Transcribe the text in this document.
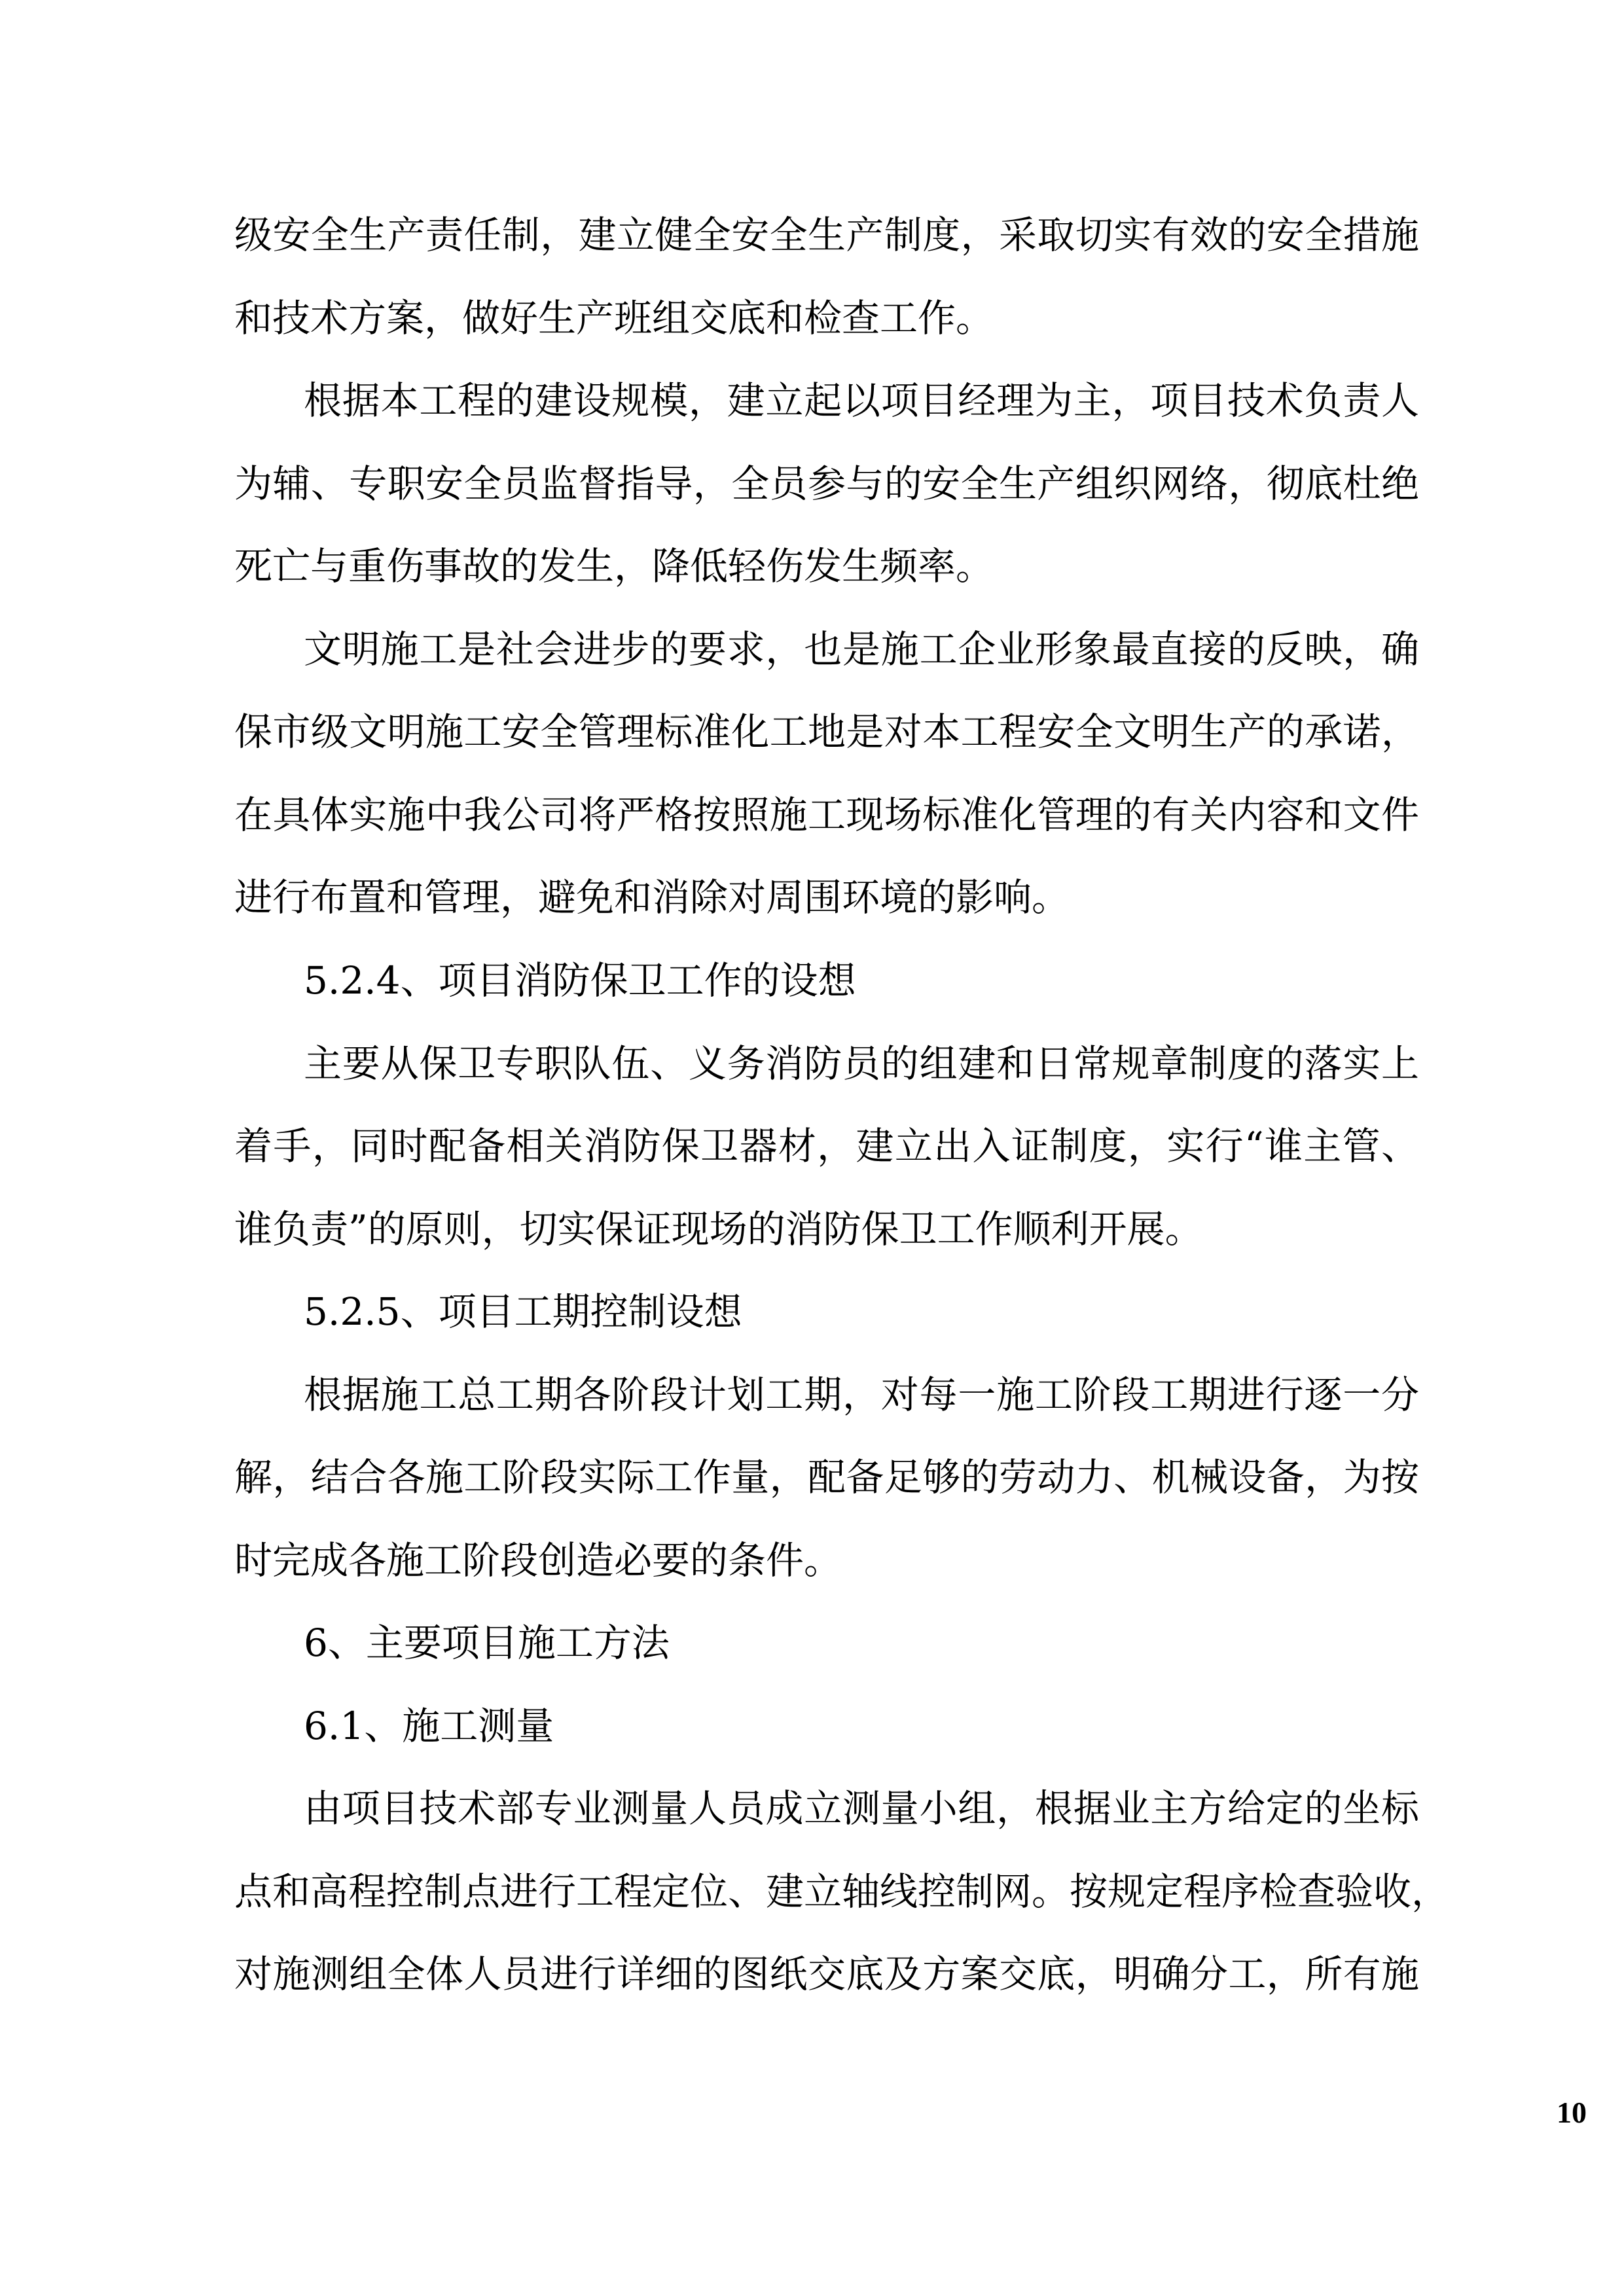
级安全生产责任制，建立健全安全生产制度，采取切实有效的安全措施
和技术方案，做好生产班组交底和检查工作。
根据本工程的建设规模，建立起以项目经理为主，项目技术负责人
为辅、专职安全员监督指导，全员参与的安全生产组织网络，彻底杜绝
死亡与重伤事故的发生，降低轻伤发生频率。
文明施工是社会进步的要求，也是施工企业形象最直接的反映，确
保市级文明施工安全管理标准化工地是对本工程安全文明生产的承诺，
在具体实施中我公司将严格按照施工现场标准化管理的有关内容和文件
进行布置和管理，避免和消除对周围环境的影响。
5.2.4、项目消防保卫工作的设想
主要从保卫专职队伍、义务消防员的组建和日常规章制度的落实上
着手，同时配备相关消防保卫器材，建立出入证制度，实行“谁主管、
谁负责”的原则，切实保证现场的消防保卫工作顺利开展。
5.2.5、项目工期控制设想
根据施工总工期各阶段计划工期，对每一施工阶段工期进行逐一分
解，结合各施工阶段实际工作量，配备足够的劳动力、机械设备，为按
时完成各施工阶段创造必要的条件。
6、主要项目施工方法
6.1、施工测量
由项目技术部专业测量人员成立测量小组，根据业主方给定的坐标
点和高程控制点进行工程定位、建立轴线控制网。按规定程序检查验收，
对施测组全体人员进行详细的图纸交底及方案交底，明确分工，所有施
10
